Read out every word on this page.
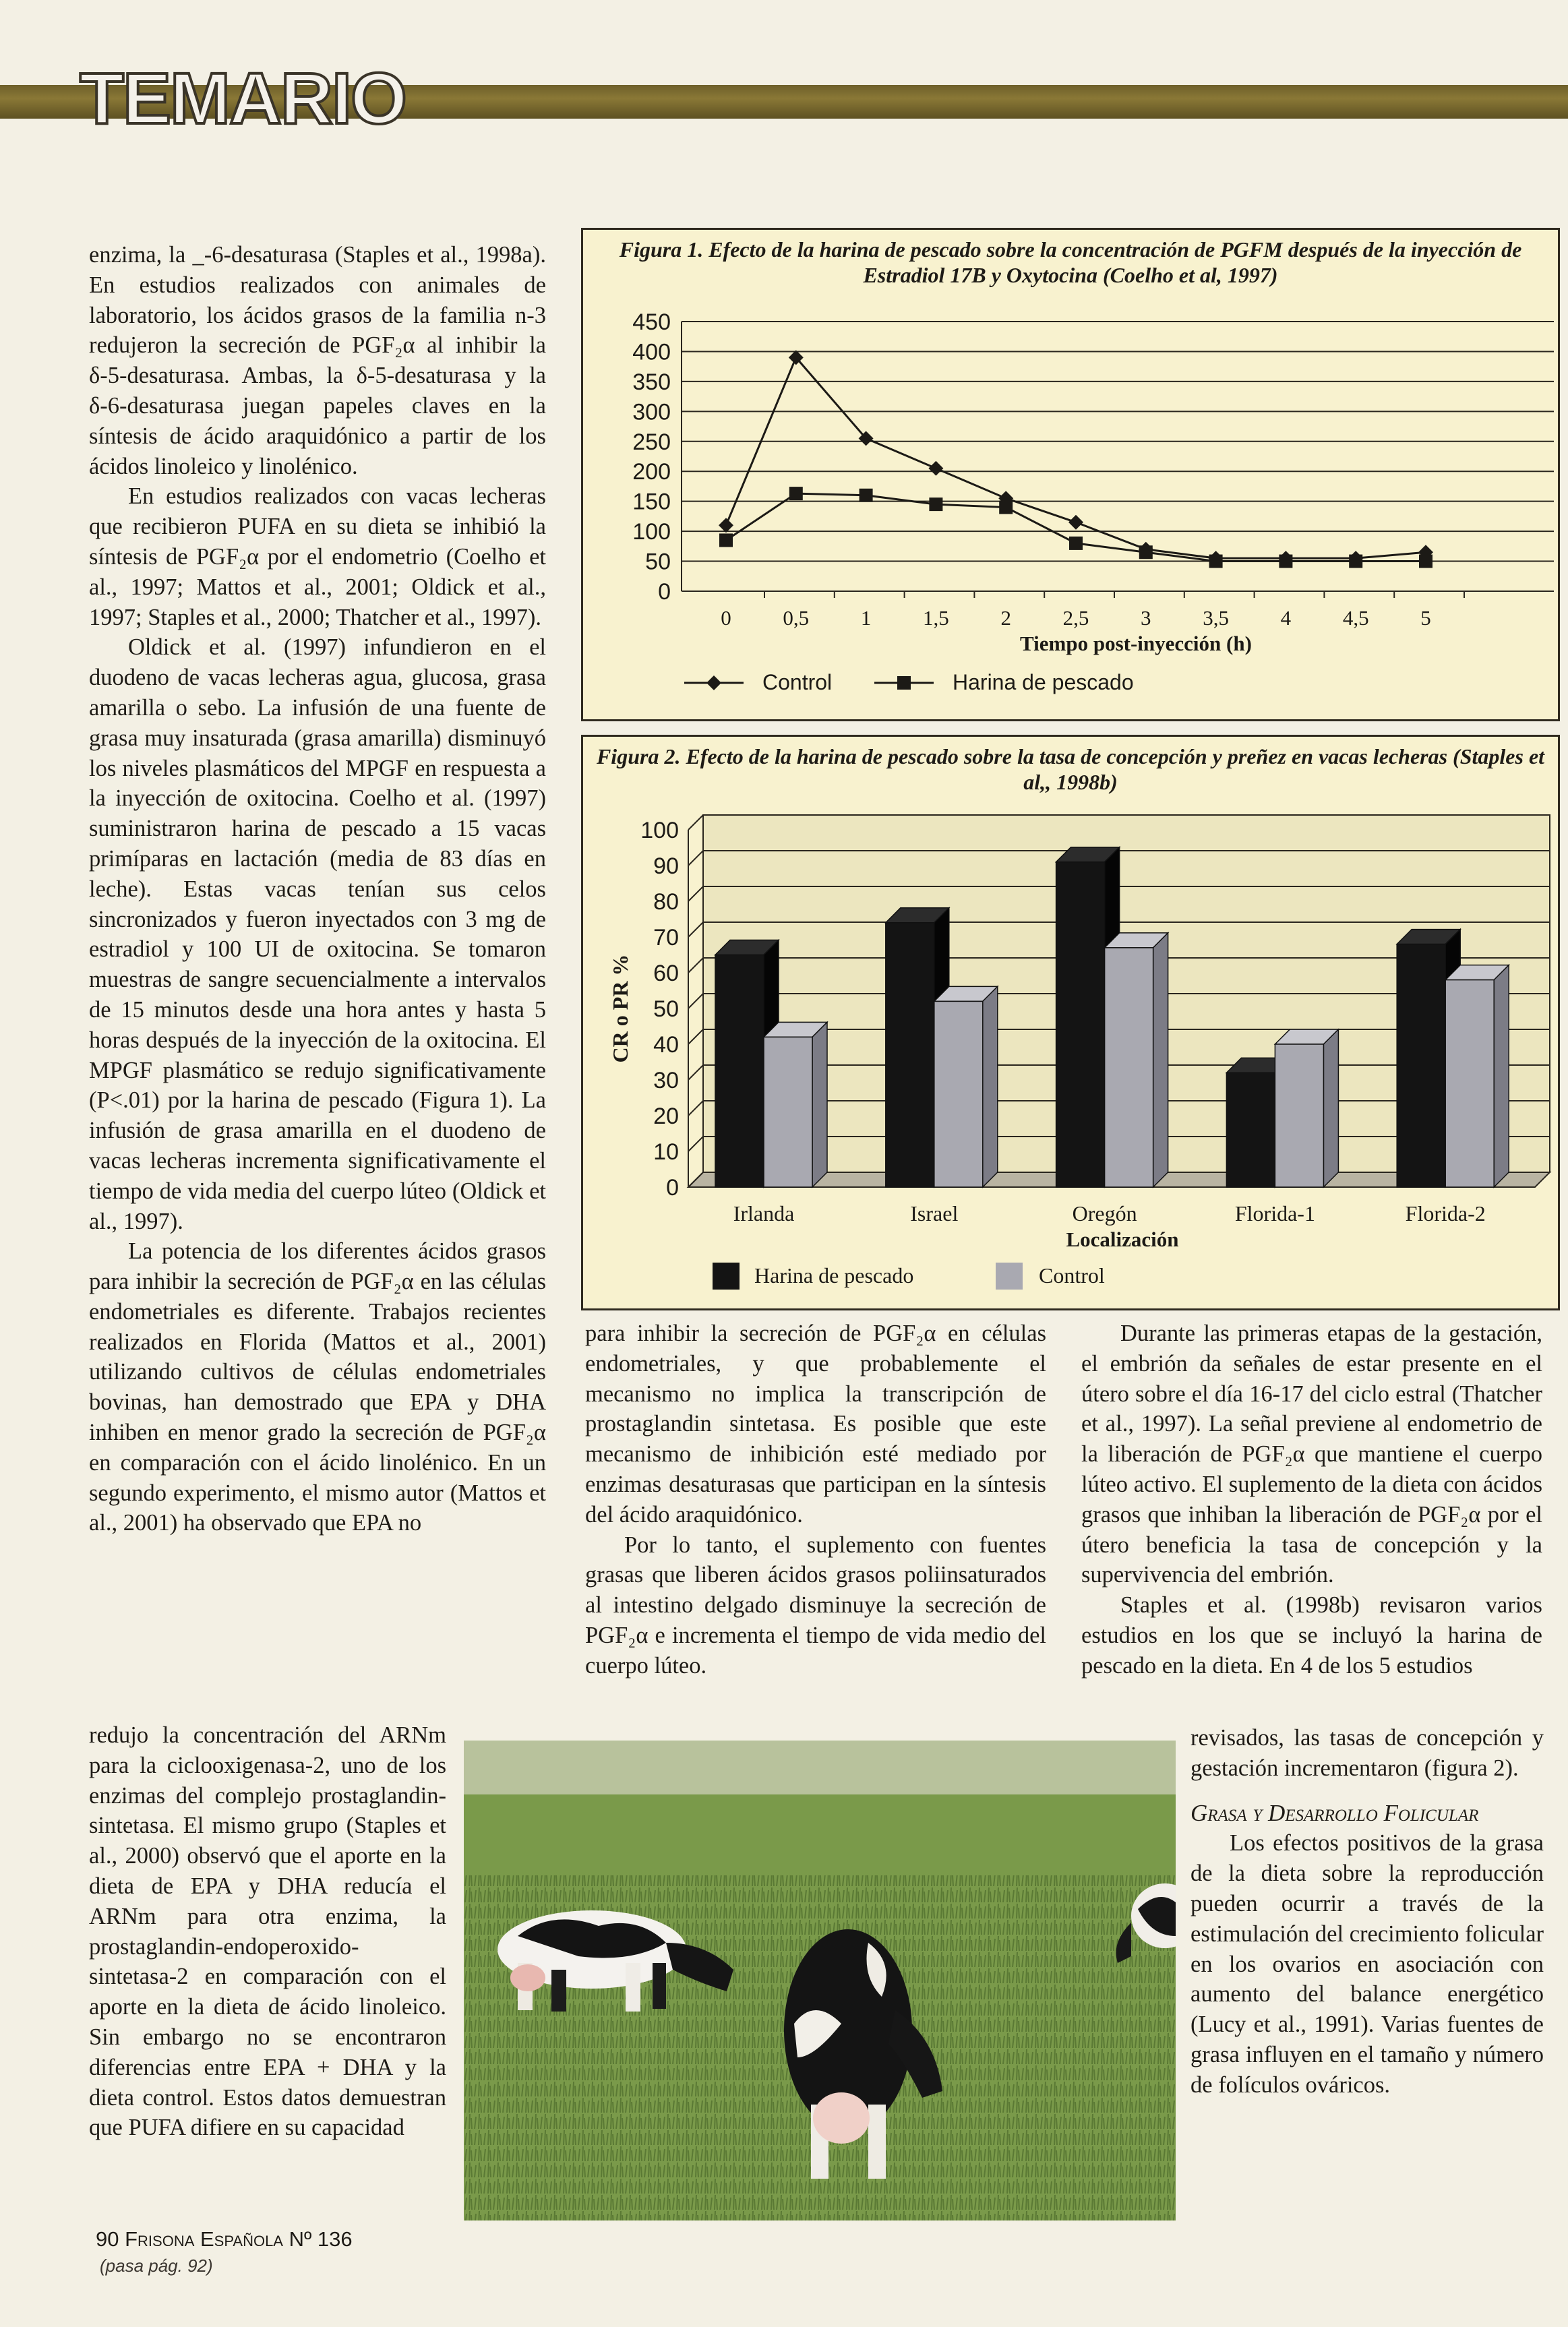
TEMARIO

enzima, la _-6-desaturasa (Staples et al., 1998a). En estudios realizados con animales de laboratorio, los ácidos grasos de la familia n-3 redujeron la secreción de PGF₂α al inhibir la δ-5-desaturasa. Ambas, la δ-5-desaturasa y la δ-6-desaturasa juegan papeles claves en la síntesis de ácido araquidónico a partir de los ácidos linoleico y linolénico.

En estudios realizados con vacas lecheras que recibieron PUFA en su dieta se inhibió la síntesis de PGF₂α por el endometrio (Coelho et al., 1997; Mattos et al., 2001; Oldick et al., 1997; Staples et al., 2000; Thatcher et al., 1997).

Oldick et al. (1997) infundieron en el duodeno de vacas lecheras agua, glucosa, grasa amarilla o sebo. La infusión de una fuente de grasa muy insaturada (grasa amarilla) disminuyó los niveles plasmáticos del MPGF en respuesta a la inyección de oxitocina. Coelho et al. (1997) suministraron harina de pescado a 15 vacas primíparas en lactación (media de 83 días en leche). Estas vacas tenían sus celos sincronizados y fueron inyectados con 3 mg de estradiol y 100 UI de oxitocina. Se tomaron muestras de sangre secuencialmente a intervalos de 15 minutos desde una hora antes y hasta 5 horas después de la inyección de la oxitocina. El MPGF plasmático se redujo significativamente (P<.01) por la harina de pescado (Figura 1). La infusión de grasa amarilla en el duodeno de vacas lecheras incrementa significativamente el tiempo de vida media del cuerpo lúteo (Oldick et al., 1997).

La potencia de los diferentes ácidos grasos para inhibir la secreción de PGF₂α en las células endometriales es diferente. Trabajos recientes realizados en Florida (Mattos et al., 2001) utilizando cultivos de células endometriales bovinas, han demostrado que EPA y DHA inhiben en menor grado la secreción de PGF₂α en comparación con el ácido linolénico. En un segundo experimento, el mismo autor (Mattos et al., 2001) ha observado que EPA no

redujo la concentración del ARNm para la ciclooxigenasa-2, uno de los enzimas del complejo prostaglandin-sintetasa. El mismo grupo (Staples et al., 2000) observó que el aporte en la dieta de EPA y DHA reducía el ARNm para otra enzima, la prostaglandin-endoperoxido-sintetasa-2 en comparación con el aporte en la dieta de ácido linoleico. Sin embargo no se encontraron diferencias entre EPA + DHA y la dieta control. Estos datos demuestran que PUFA difiere en su capacidad

Figura 1. Efecto de la harina de pescado sobre la concentración de PGFM después de la inyección de Estradiol 17B y Oxytocina (Coelho et al, 1997)
0
50
100
150
200
250
300
350
400
450
0 0,5 1 1,5 2 2,5 3 3,5 4 4,5 5
Tiempo post-inyección (h)
Control	Harina de pescado
Figura 2. Efecto de la harina de pescado sobre la tasa de concepción y preñez en vacas lecheras (Staples et al,, 1998b)
0
10
20
30
40
50
60
70
80
90
100
CR o PR %
Irlanda	Israel	Oregón	Florida-1	Florida-2
Localización
Harina de pescado	Control

para inhibir la secreción de PGF₂α en células endometriales, y que probablemente el mecanismo no implica la transcripción de prostaglandin sintetasa. Es posible que este mecanismo de inhibición esté mediado por enzimas desaturasas que participan en la síntesis del ácido araquidónico.

Por lo tanto, el suplemento con fuentes grasas que liberen ácidos grasos poliinsaturados al intestino delgado disminuye la secreción de PGF₂α e incrementa el tiempo de vida medio del cuerpo lúteo.

Durante las primeras etapas de la gestación, el embrión da señales de estar presente en el útero sobre el día 16-17 del ciclo estral (Thatcher et al., 1997). La señal previene al endometrio de la liberación de PGF₂α que mantiene el cuerpo lúteo activo. El suplemento de la dieta con ácidos grasos que inhiban la liberación de PGF₂α por el útero beneficia la tasa de concepción y la supervivencia del embrión.

Staples et al. (1998b) revisaron varios estudios en los que se incluyó la harina de pescado en la dieta. En 4 de los 5 estudios

revisados, las tasas de concepción y gestación incrementaron (figura 2).

Grasa y Desarrollo Folicular

Los efectos positivos de la grasa de la dieta sobre la reproducción pueden ocurrir a través de la estimulación del crecimiento folicular en los ovarios en asociación con aumento del balance energético (Lucy et al., 1991). Varias fuentes de grasa influyen en el tamaño y número de folículos ováricos.

90 Frisona Española Nº 136
(pasa pág. 92)
